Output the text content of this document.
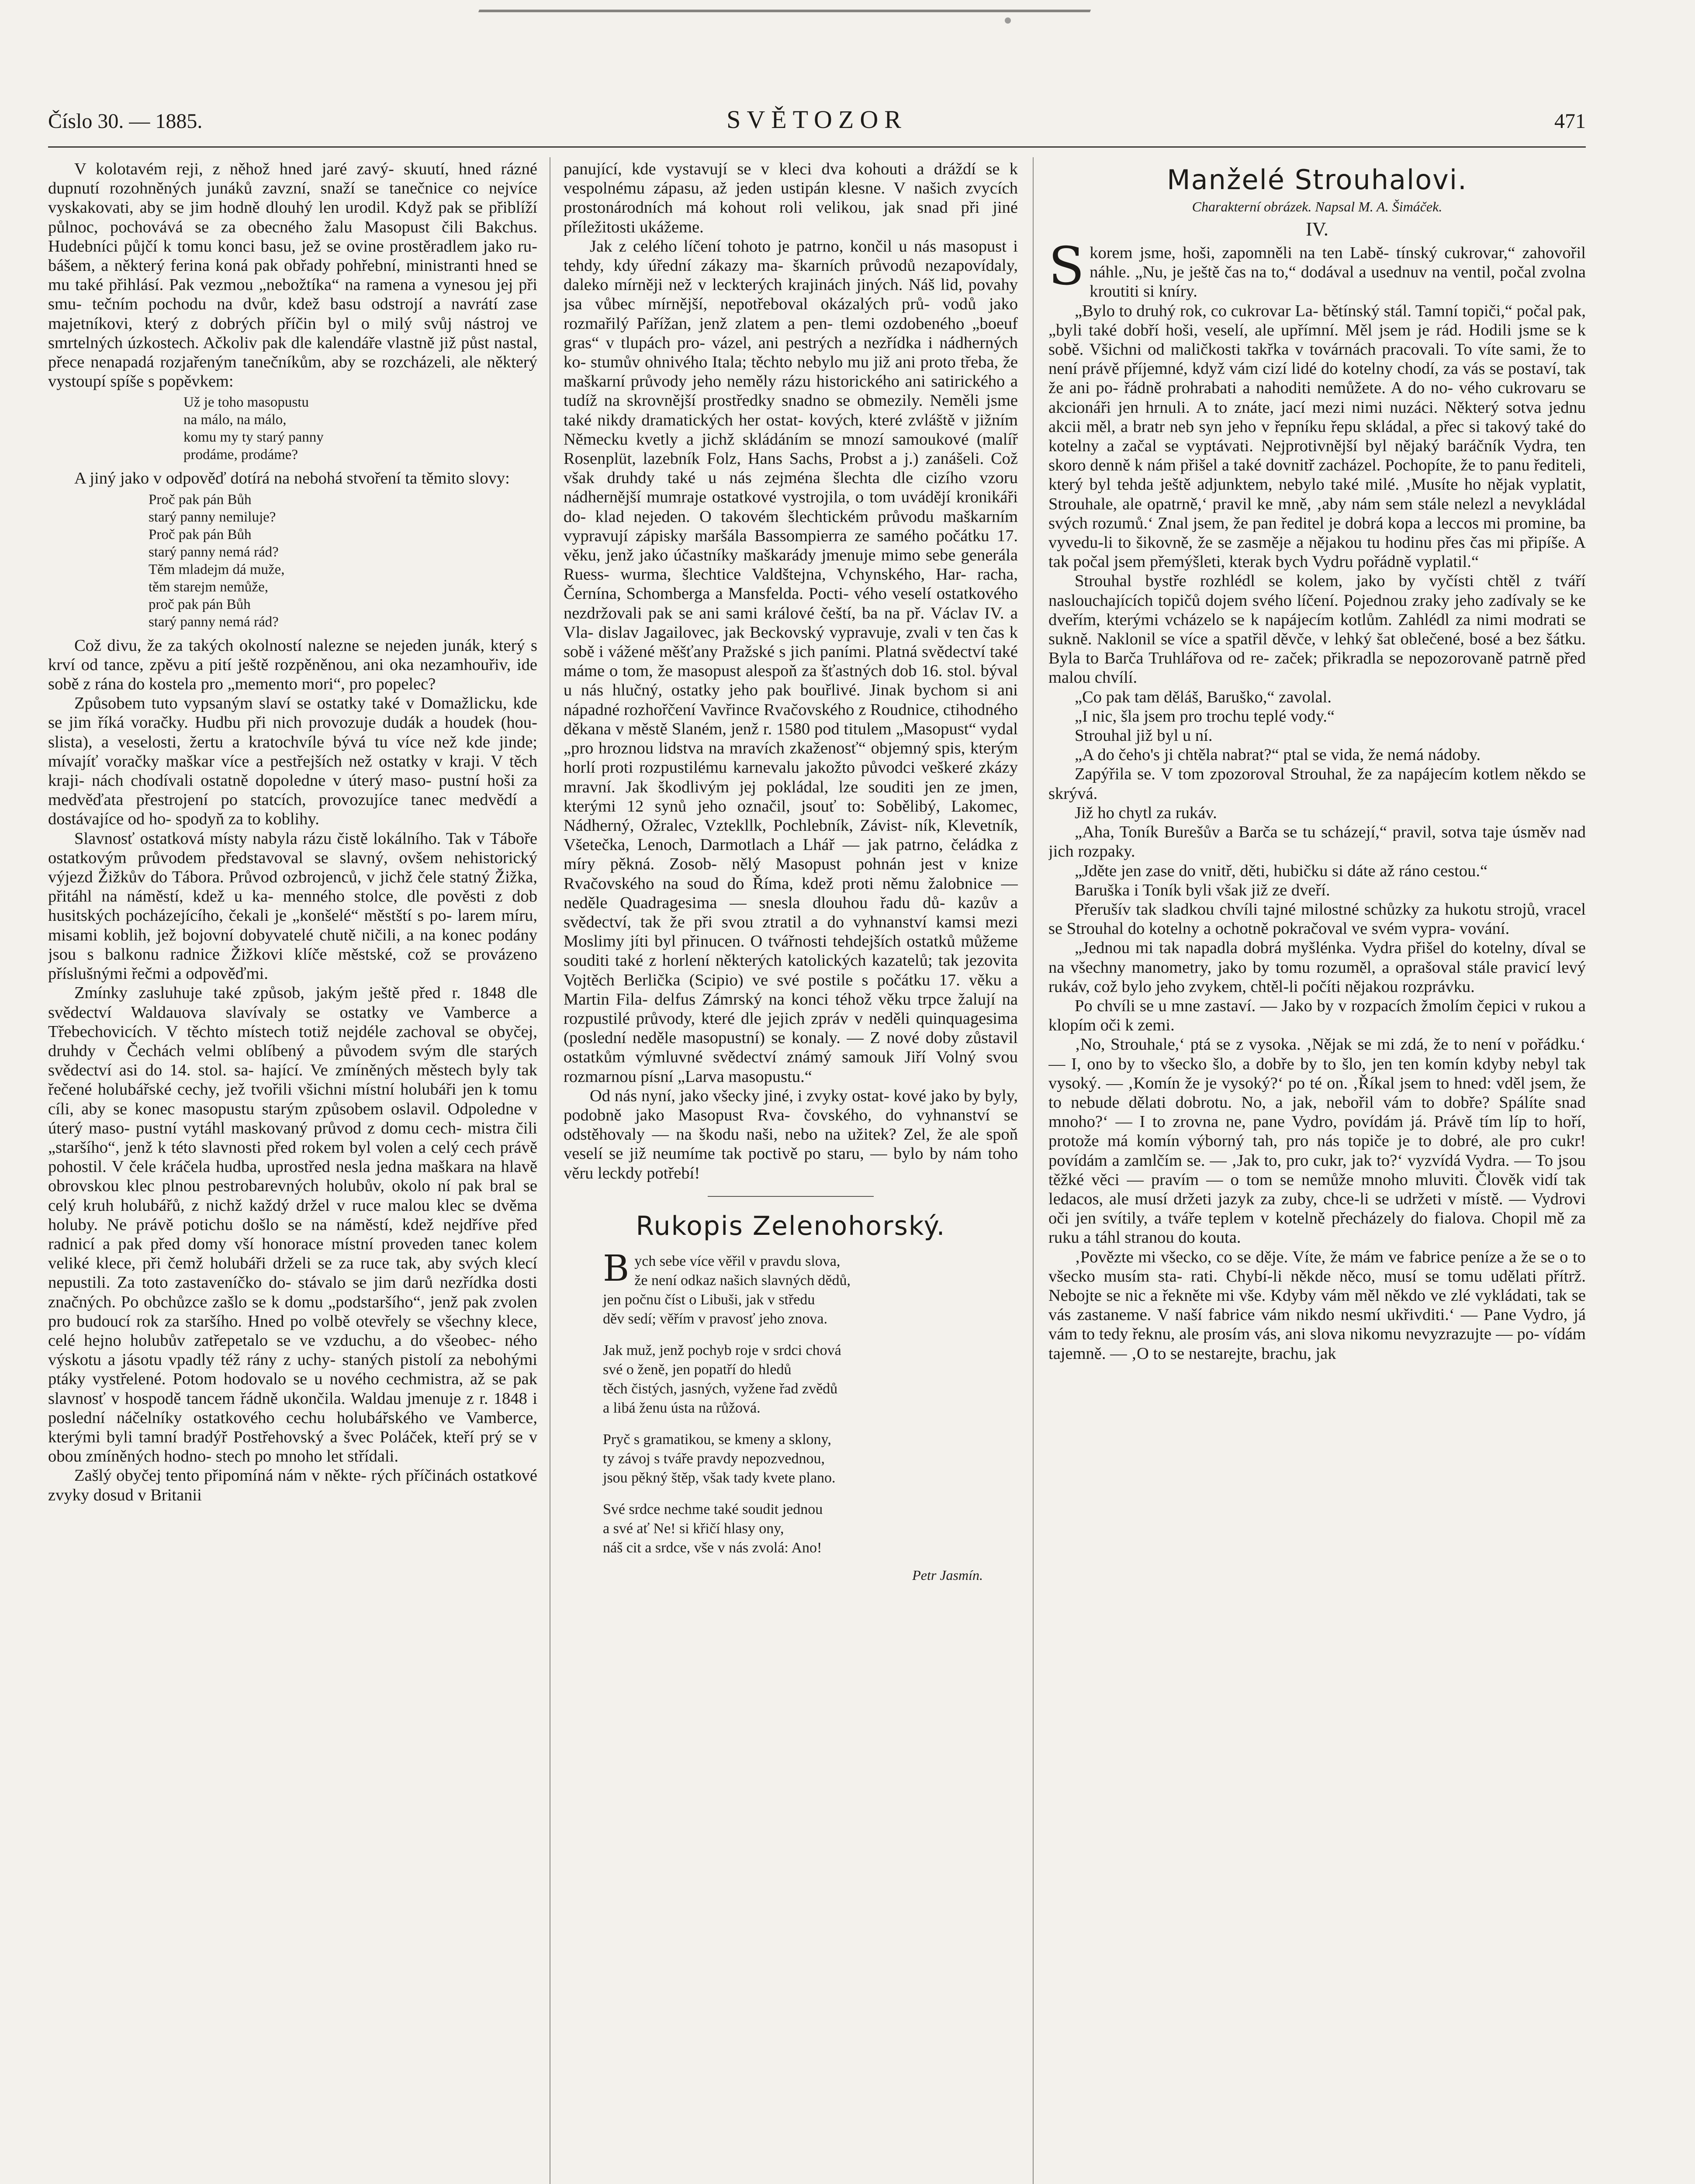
Číslo 30. — 1885.	SVĚTOZOR	471

V kolotavém reji, z něhož hned jaré zavý- skuutí, hned rázné dupnutí rozohněných junáků zavzní, snaží se tanečnice co nejvíce vyskakovati, aby se jim hodně dlouhý len urodil. Když pak se přiblíží půlnoc, pochovává se za obecného žalu Masopust čili Bakchus. Hudebníci půjčí k tomu konci basu, jež se ovine prostěradlem jako ru- bášem, a některý ferina koná pak obřady pohřební, ministranti hned se mu také přihlásí. Pak vezmou „nebožtíka“ na ramena a vynesou jej při smu- tečním pochodu na dvůr, kdež basu odstrojí a navrátí zase majetníkovi, který z dobrých příčin byl o milý svůj nástroj ve smrtelných úzkostech. Ačkoliv pak dle kalendáře vlastně již půst nastal, přece nenapadá rozjařeným tanečníkům, aby se rozcházeli, ale některý vystoupí spíše s popěvkem:

Už je toho masopustu
na málo, na málo,
komu my ty starý panny
prodáme, prodáme?

A jiný jako v odpověď dotírá na nebohá stvoření ta těmito slovy:

Proč pak pán Bůh
starý panny nemiluje?
Proč pak pán Bůh
starý panny nemá rád?
Těm mladejm dá muže,
těm starejm nemůže,
proč pak pán Bůh
starý panny nemá rád?

Což divu, že za takých okolností nalezne se nejeden junák, který s krví od tance, zpěvu a pití ještě rozpěněnou, ani oka nezamhouřiv, ide sobě z rána do kostela pro „memento mori“, pro popelec?

Způsobem tuto vypsaným slaví se ostatky také v Domažlicku, kde se jim říká voračky. Hudbu při nich provozuje dudák a houdek (hou- slista), a veselosti, žertu a kratochvíle bývá tu více než kde jinde; mívajíť voračky maškar více a pestřejších než ostatky v kraji. V těch kraji- nách chodívali ostatně dopoledne v úterý maso- pustní hoši za medvěďata přestrojení po statcích, provozujíce tanec medvědí a dostávajíce od ho- spodyň za to koblihy.

Slavnosť ostatková místy nabyla rázu čistě lokálního. Tak v Táboře ostatkovým průvodem představoval se slavný, ovšem nehistorický výjezd Žižkův do Tábora. Průvod ozbrojenců, v jichž čele statný Žižka, přitáhl na náměstí, kdež u ka- menného stolce, dle pověsti z dob husitských pocházejícího, čekali je „konšelé“ městští s po- larem míru, misami koblih, jež bojovní dobyvatelé chutě ničili, a na konec podány jsou s balkonu radnice Žižkovi klíče městské, což se provázeno příslušnými řečmi a odpověďmi.

Zmínky zasluhuje také způsob, jakým ještě před r. 1848 dle svědectví Waldauova slavívaly se ostatky ve Vamberce a Třebechovicích. V těchto místech totiž nejdéle zachoval se obyčej, druhdy v Čechách velmi oblíbený a původem svým dle starých svědectví asi do 14. stol. sa- hající. Ve zmíněných městech byly tak řečené holubářské cechy, jež tvořili všichni místní holubáři jen k tomu cíli, aby se konec masopustu starým způsobem oslavil. Odpoledne v úterý maso- pustní vytáhl maskovaný průvod z domu cech- mistra čili „staršího“, jenž k této slavnosti před rokem byl volen a celý cech právě pohostil. V čele kráčela hudba, uprostřed nesla jedna maškara na hlavě obrovskou klec plnou pestrobarevných holubův, okolo ní pak bral se celý kruh holubářů, z nichž každý držel v ruce malou klec se dvěma holuby. Ne právě potichu došlo se na náměstí, kdež nejdříve před radnicí a pak před domy vší honorace místní proveden tanec kolem veliké klece, při čemž holubáři drželi se za ruce tak, aby svých klecí nepustili. Za toto zastaveníčko do- stávalo se jim darů nezřídka dosti značných. Po obchůzce zašlo se k domu „podstaršího“, jenž pak zvolen pro budoucí rok za staršího. Hned po volbě otevřely se všechny klece, celé hejno holubův zatřepetalo se ve vzduchu, a do všeobec- ného výskotu a jásotu vpadly též rány z uchy- staných pistolí za nebohými ptáky vystřelené. Potom hodovalo se u nového cechmistra, až se pak slavnosť v hospodě tancem řádně ukončila. Waldau jmenuje z r. 1848 i poslední náčelníky ostatkového cechu holubářského ve Vamberce, kterými byli tamní bradýř Postřehovský a švec Poláček, kteří prý se v obou zmíněných hodno- stech po mnoho let střídali.

Zašlý obyčej tento připomíná nám v někte- rých příčinách ostatkové zvyky dosud v Britanii

panující, kde vystavují se v kleci dva kohouti a dráždí se k vespolnému zápasu, až jeden ustipán klesne. V našich zvycích prostonárodních má kohout roli velikou, jak snad při jiné příležitosti ukážeme.

Jak z celého líčení tohoto je patrno, končil u nás masopust i tehdy, kdy úřední zákazy ma- škarních průvodů nezapovídaly, daleko mírněji než v leckterých krajinách jiných. Náš lid, povahy jsa vůbec mírnější, nepotřeboval okázalých prů- vodů jako rozmařilý Pařížan, jenž zlatem a pen- tlemi ozdobeného „boeuf gras“ v tlupách pro- vázel, ani pestrých a nezřídka i nádherných ko- stumův ohnivého Itala; těchto nebylo mu již ani proto třeba, že maškarní průvody jeho neměly rázu historického ani satirického a tudíž na skrovnější prostředky snadno se obmezily. Neměli jsme také nikdy dramatických her ostat- kových, které zvláště v jižním Německu kvetly a jichž skládáním se mnozí samoukové (malíř Rosenplüt, lazebník Folz, Hans Sachs, Probst a j.) zanášeli. Což však druhdy také u nás zejména šlechta dle cizího vzoru nádhernější mumraje ostatkové vystrojila, o tom uvádějí kronikáři do- klad nejeden. O takovém šlechtickém průvodu maškarním vypravují zápisky maršála Bassompierra ze samého počátku 17. věku, jenž jako účastníky maškarády jmenuje mimo sebe generála Ruess- wurma, šlechtice Valdštejna, Vchynského, Har- racha, Černína, Schomberga a Mansfelda. Pocti- vého veselí ostatkového nezdržovali pak se ani sami králové čeští, ba na př. Václav IV. a Vla- dislav Jagailovec, jak Beckovský vypravuje, zvali v ten čas k sobě i vážené měšťany Pražské s jich paními. Platná svědectví také máme o tom, že masopust alespoň za šťastných dob 16. stol. býval u nás hlučný, ostatky jeho pak bouřlivé. Jinak bychom si ani nápadné rozhořčení Vavřince Rvačovského z Roudnice, ctihodného děkana v městě Slaném, jenž r. 1580 pod titulem „Masopust“ vydal „pro hroznou lidstva na mravích zkaženosť“ objemný spis, kterým horlí proti rozpustilému karnevalu jakožto původci veškeré zkázy mravní. Jak škodlivým jej pokládal, lze souditi jen ze jmen, kterými 12 synů jeho označil, jsouť to: Sobělibý, Lakomec, Nádherný, Ožralec, Vztekllk, Pochlebník, Závist- ník, Klevetník, Všetečka, Lenoch, Darmotlach a Lhář — jak patrno, čeládka z míry pěkná. Zosob- nělý Masopust pohnán jest v knize Rvačovského na soud do Říma, kdež proti němu žalobnice — neděle Quadragesima — snesla dlouhou řadu dů- kazův a svědectví, tak že při svou ztratil a do vyhnanství kamsi mezi Moslimy jíti byl přinucen. O tvářnosti tehdejších ostatků můžeme souditi také z horlení některých katolických kazatelů; tak jezovita Vojtěch Berlička (Scipio) ve své postile s počátku 17. věku a Martin Fila- delfus Zámrský na konci téhož věku trpce žalují na rozpustilé průvody, které dle jejich zpráv v neděli quinquagesima (poslední neděle masopustní) se konaly. — Z nové doby zůstavil ostatkům výmluvné svědectví známý samouk Jiří Volný svou rozmarnou písní „Larva masopustu.“

Od nás nyní, jako všecky jiné, i zvyky ostat- kové jako by byly, podobně jako Masopust Rva- čovského, do vyhnanství se odstěhovaly — na škodu naši, nebo na užitek? Zel, že ale spoň veselí se již neumíme tak poctivě po staru, — bylo by nám toho věru leckdy potřebí!

Rukopis Zelenohorský.
B ych sebe více věřil v pravdu slova,
že není odkaz našich slavných dědů,
jen počnu číst o Libuši, jak v středu
děv sedí; věřím v pravosť jeho znova.
Jak muž, jenž pochyb roje v srdci chová
své o ženě, jen popatří do hledů
těch čistých, jasných, vyžene řad zvědů
a libá ženu ústa na růžová.
Pryč s gramatikou, se kmeny a sklony,
ty závoj s tváře pravdy nepozvednou,
jsou pěkný štěp, však tady kvete plano.
Své srdce nechme také soudit jednou
a své ať Ne! si křičí hlasy ony,
náš cit a srdce, vše v nás zvolá: Ano!
Petr Jasmín.
Manželé Strouhalovi.
Charakterní obrázek. Napsal M. A. Šimáček.
IV.

Skorem jsme, hoši, zapomněli na ten Labě- tínský cukrovar,“ zahovořil náhle. „Nu, je ještě čas na to,“ dodával a usednuv na ventil, počal zvolna kroutiti si kníry.

„Bylo to druhý rok, co cukrovar La- bětínský stál. Tamní topiči,“ počal pak, „byli také dobří hoši, veselí, ale upřímní. Měl jsem je rád. Hodili jsme se k sobě. Všichni od maličkosti takřka v továrnách pracovali. To víte sami, že to není právě příjemné, když vám cizí lidé do kotelny chodí, za vás se postaví, tak že ani po- řádně prohrabati a nahoditi nemůžete. A do no- vého cukrovaru se akcionáři jen hrnuli. A to znáte, jací mezi nimi nuzáci. Některý sotva jednu akcii měl, a bratr neb syn jeho v řepníku řepu skládal, a přec si takový také do kotelny a začal se vyptávati. Nejprotivnější byl nějaký baráčník Vydra, ten skoro denně k nám přišel a také dovnitř zacházel. Pochopíte, že to panu řediteli, který byl tehda ještě adjunktem, nebylo také milé. ‚Musíte ho nějak vyplatit, Strouhale, ale opatrně,‘ pravil ke mně, ‚aby nám sem stále nelezl a nevykládal svých rozumů.‘ Znal jsem, že pan ředitel je dobrá kopa a leccos mi promine, ba vyvedu-li to šikovně, že se zasměje a nějakou tu hodinu přes čas mi připíše. A tak počal jsem přemýšleti, kterak bych Vydru pořádně vyplatil.“

Strouhal bystře rozhlédl se kolem, jako by vyčísti chtěl z tváří naslouchajících topičů dojem svého líčení. Pojednou zraky jeho zadívaly se ke dveřím, kterými vcházelo se k napájecím kotlům. Zahlédl za nimi modrati se sukně. Naklonil se více a spatřil děvče, v lehký šat oblečené, bosé a bez šátku. Byla to Barča Truhlářova od re- začek; přikradla se nepozorovaně patrně před malou chvílí.

„Co pak tam děláš, Baruško,“ zavolal.

„I nic, šla jsem pro trochu teplé vody.“

Strouhal již byl u ní.

„A do čeho's ji chtěla nabrat?“ ptal se vida, že nemá nádoby.

Zapýřila se. V tom zpozoroval Strouhal, že za napájecím kotlem někdo se skrývá.

Již ho chytl za rukáv.

„Aha, Toník Burešův a Barča se tu scházejí,“ pravil, sotva taje úsměv nad jich rozpaky.

„Jděte jen zase do vnitř, děti, hubičku si dáte až ráno cestou.“

Baruška i Toník byli však již ze dveří.

Přerušív tak sladkou chvíli tajné milostné schůzky za hukotu strojů, vracel se Strouhal do kotelny a ochotně pokračoval ve svém vypra- vování.

„Jednou mi tak napadla dobrá myšlénka. Vydra přišel do kotelny, díval se na všechny manometry, jako by tomu rozuměl, a oprašoval stále pravicí levý rukáv, což bylo jeho zvykem, chtěl-li počíti nějakou rozprávku.

Po chvíli se u mne zastaví. — Jako by v rozpacích žmolím čepici v rukou a klopím oči k zemi.

‚No, Strouhale,‘ ptá se z vysoka. ‚Nějak se mi zdá, že to není v pořádku.‘ — I, ono by to všecko šlo, a dobře by to šlo, jen ten komín kdyby nebyl tak vysoký. — ‚Komín že je vysoký?‘ po té on. ‚Říkal jsem to hned: vděl jsem, že to nebude dělati dobrotu. No, a jak, nebořil vám to dobře? Spálíte snad mnoho?‘ — I to zrovna ne, pane Vydro, povídám já. Právě tím líp to hoří, protože má komín výborný tah, pro nás topiče je to dobré, ale pro cukr! povídám a zamlčím se. — ‚Jak to, pro cukr, jak to?‘ vyzvídá Vydra. — To jsou těžké věci — pravím — o tom se nemůže mnoho mluviti. Člověk vidí tak ledacos, ale musí držeti jazyk za zuby, chce-li se udržeti v místě. — Vydrovi oči jen svítily, a tváře teplem v kotelně přecházely do fialova. Chopil mě za ruku a táhl stranou do kouta.

‚Povězte mi všecko, co se děje. Víte, že mám ve fabrice peníze a že se o to všecko musím sta- rati. Chybí-li někde něco, musí se tomu udělati přítrž. Nebojte se nic a řekněte mi vše. Kdyby vám měl někdo ve zlé vykládati, tak se vás zastaneme. V naší fabrice vám nikdo nesmí ukřivditi.‘ — Pane Vydro, já vám to tedy řeknu, ale prosím vás, ani slova nikomu nevyzrazujte — po- vídám tajemně. — ‚O to se nestarejte, brachu, jak
